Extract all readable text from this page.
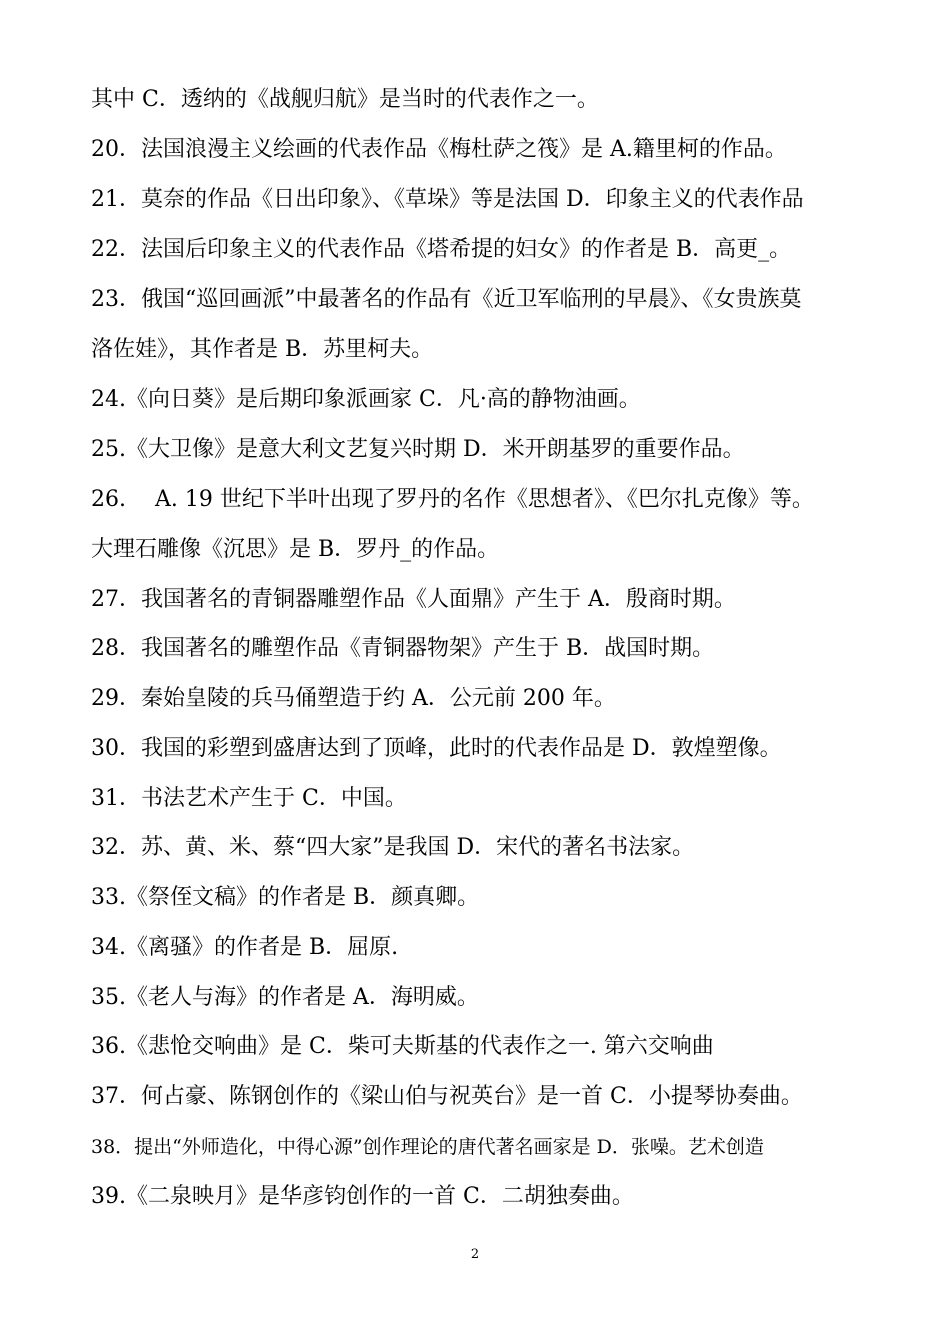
其中 C．透纳的《战舰归航》是当时的代表作之一。
20．法国浪漫主义绘画的代表作品《梅杜萨之筏》是 A.籍里柯的作品。
21．莫奈的作品《日出印象》、《草垛》等是法国 D．印象主义的代表作品
22．法国后印象主义的代表作品《塔希提的妇女》的作者是 B．高更_。
23．俄国“巡回画派”中最著名的作品有《近卫军临刑的早晨》、《女贵族莫
洛佐娃》，其作者是 B．苏里柯夫。
24.《向日葵》是后期印象派画家 C．凡·高的静物油画。
25.《大卫像》是意大利文艺复兴时期 D．米开朗基罗的重要作品。
26.　 A. 19 世纪下半叶出现了罗丹的名作《思想者》、《巴尔扎克像》等。
大理石雕像《沉思》是 B．罗丹_的作品。
27．我国著名的青铜器雕塑作品《人面鼎》产生于 A．殷商时期。
28．我国著名的雕塑作品《青铜器物架》产生于 B．战国时期。
29．秦始皇陵的兵马俑塑造于约 A．公元前 200 年。
30．我国的彩塑到盛唐达到了顶峰，此时的代表作品是 D．敦煌塑像。
31．书法艺术产生于 C．中国。
32．苏、黄、米、蔡“四大家”是我国 D．宋代的著名书法家。
33.《祭侄文稿》的作者是 B．颜真卿。
34.《离骚》的作者是 B．屈原.
35.《老人与海》的作者是 A．海明威。
36.《悲怆交响曲》是 C．柴可夫斯基的代表作之一. 第六交响曲
37．何占豪、陈钢创作的《梁山伯与祝英台》是一首 C．小提琴协奏曲。
38．提出“外师造化，中得心源”创作理论的唐代著名画家是 D．张噪。艺术创造
39.《二泉映月》是华彦钧创作的一首 C．二胡独奏曲。
2
